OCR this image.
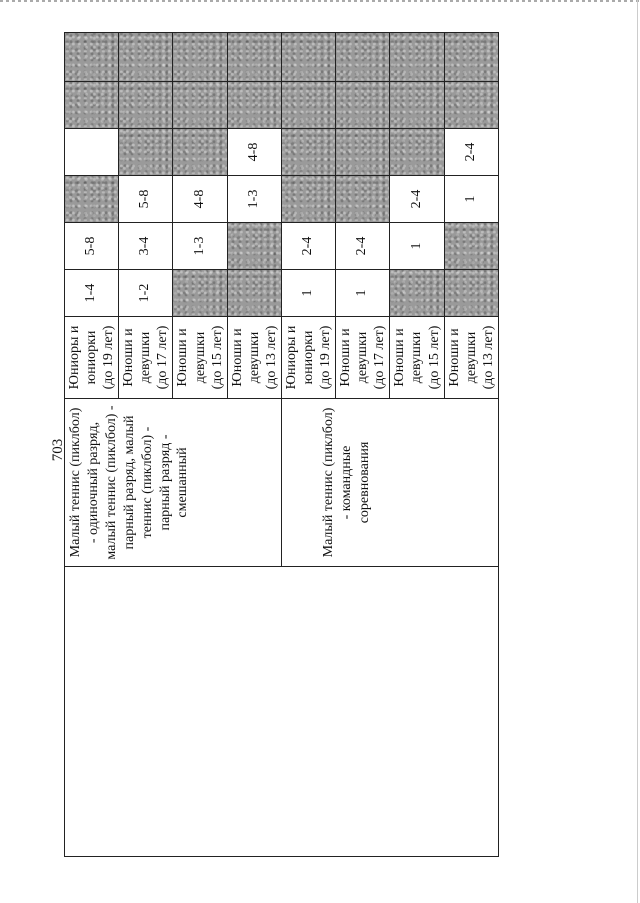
703
	Малый теннис (пиклбол) - одиночный разряд, малый теннис (пиклбол) - парный разряд, малый теннис (пиклбол) - парный разряд - смешанный	Юниоры и юниорки (до 19 лет)	1-4	5-8					
		Юноши и девушки (до 17 лет)	1-2	3-4	5-8				
		Юноши и девушки (до 15 лет)		1-3	4-8				
		Юноши и девушки (до 13 лет)			1-3	4-8			
	Малый теннис (пиклбол) - командные соревнования	Юниоры и юниорки (до 19 лет)	1	2-4					
		Юноши и девушки (до 17 лет)	1	2-4					
		Юноши и девушки (до 15 лет)		1	2-4				
		Юноши и девушки (до 13 лет)			1	2-4			
